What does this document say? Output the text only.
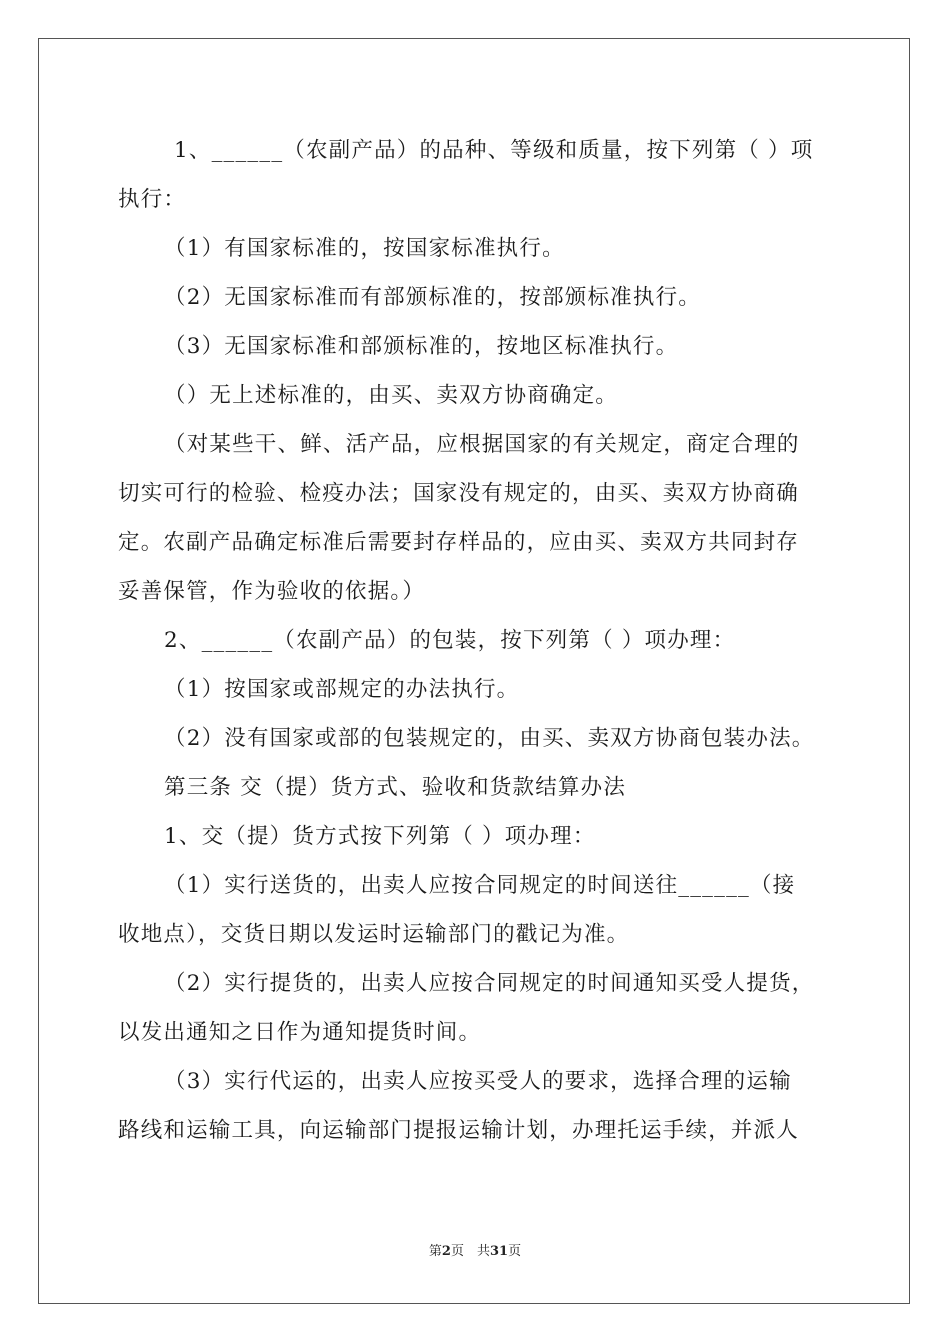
1、______（农副产品）的品种、等级和质量，按下列第（ ）项
执行：
（1）有国家标准的，按国家标准执行。
（2）无国家标准而有部颁标准的，按部颁标准执行。
（3）无国家标准和部颁标准的，按地区标准执行。
（）无上述标准的，由买、卖双方协商确定。
（对某些干、鲜、活产品，应根据国家的有关规定，商定合理的
切实可行的检验、检疫办法；国家没有规定的，由买、卖双方协商确
定。农副产品确定标准后需要封存样品的，应由买、卖双方共同封存
妥善保管，作为验收的依据。）
2、______（农副产品）的包装，按下列第（ ）项办理：
（1）按国家或部规定的办法执行。
（2）没有国家或部的包装规定的，由买、卖双方协商包装办法。
第三条 交（提）货方式、验收和货款结算办法
1、交（提）货方式按下列第（ ）项办理：
（1）实行送货的，出卖人应按合同规定的时间送往______（接
收地点），交货日期以发运时运输部门的戳记为准。
（2）实行提货的，出卖人应按合同规定的时间通知买受人提货，
以发出通知之日作为通知提货时间。
（3）实行代运的，出卖人应按买受人的要求，选择合理的运输
路线和运输工具，向运输部门提报运输计划，办理托运手续，并派人
第2页　共31页
